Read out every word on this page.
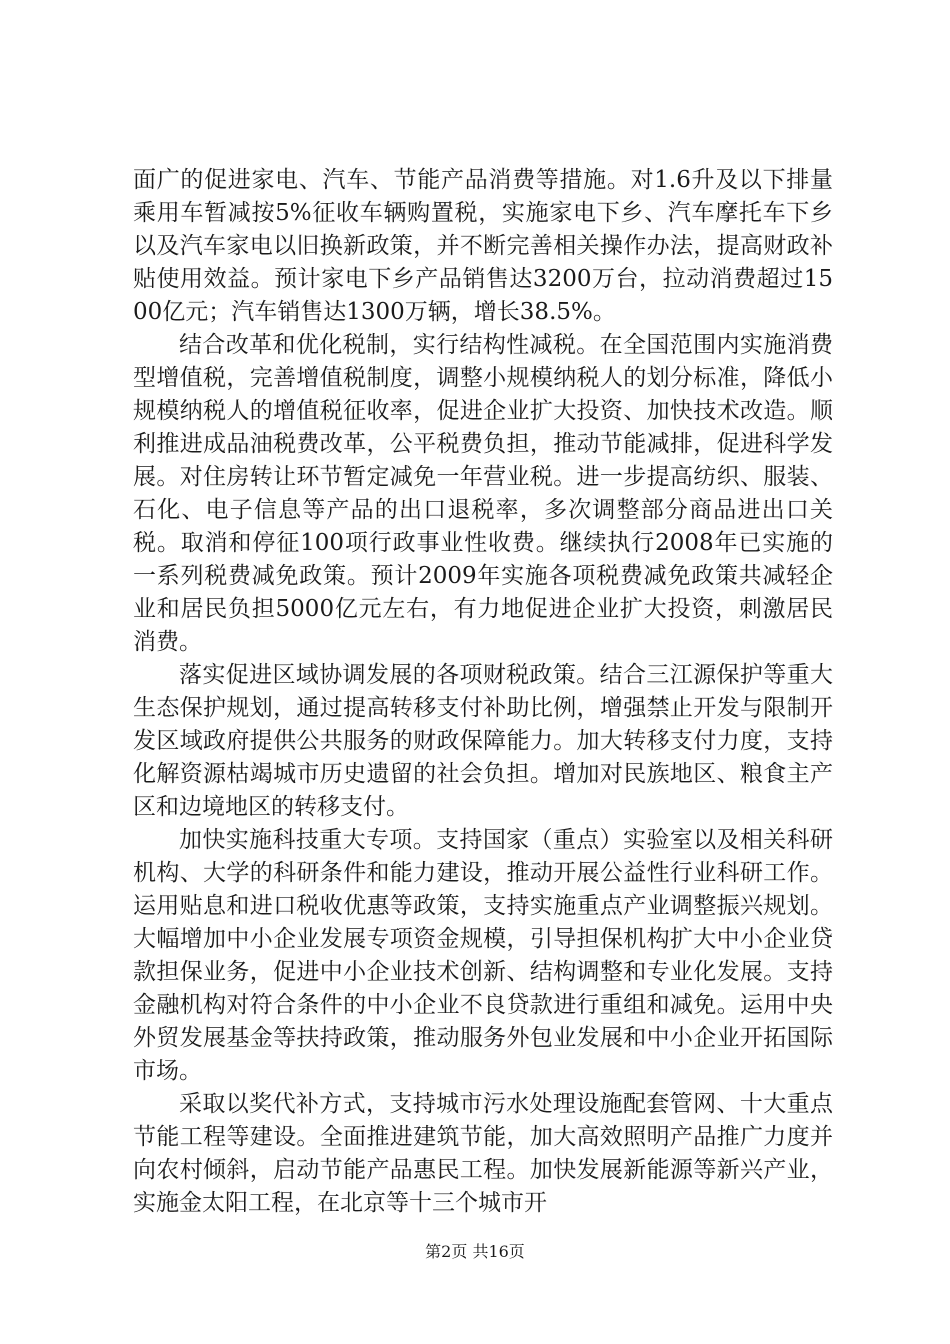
面广的促进家电、汽车、节能产品消费等措施。对1.6升及以下排量乘用车暂减按5%征收车辆购置税，实施家电下乡、汽车摩托车下乡以及汽车家电以旧换新政策，并不断完善相关操作办法，提高财政补贴使用效益。预计家电下乡产品销售达3200万台，拉动消费超过1500亿元；汽车销售达1300万辆，增长38.5%。

结合改革和优化税制，实行结构性减税。在全国范围内实施消费型增值税，完善增值税制度，调整小规模纳税人的划分标准，降低小规模纳税人的增值税征收率，促进企业扩大投资、加快技术改造。顺利推进成品油税费改革，公平税费负担，推动节能减排，促进科学发展。对住房转让环节暂定减免一年营业税。进一步提高纺织、服装、石化、电子信息等产品的出口退税率，多次调整部分商品进出口关税。取消和停征100项行政事业性收费。继续执行2008年已实施的一系列税费减免政策。预计2009年实施各项税费减免政策共减轻企业和居民负担5000亿元左右，有力地促进企业扩大投资，刺激居民消费。

落实促进区域协调发展的各项财税政策。结合三江源保护等重大生态保护规划，通过提高转移支付补助比例，增强禁止开发与限制开发区域政府提供公共服务的财政保障能力。加大转移支付力度，支持化解资源枯竭城市历史遗留的社会负担。增加对民族地区、粮食主产区和边境地区的转移支付。

加快实施科技重大专项。支持国家（重点）实验室以及相关科研机构、大学的科研条件和能力建设，推动开展公益性行业科研工作。运用贴息和进口税收优惠等政策，支持实施重点产业调整振兴规划。大幅增加中小企业发展专项资金规模，引导担保机构扩大中小企业贷款担保业务，促进中小企业技术创新、结构调整和专业化发展。支持金融机构对符合条件的中小企业不良贷款进行重组和减免。运用中央外贸发展基金等扶持政策，推动服务外包业发展和中小企业开拓国际市场。

采取以奖代补方式，支持城市污水处理设施配套管网、十大重点节能工程等建设。全面推进建筑节能，加大高效照明产品推广力度并向农村倾斜，启动节能产品惠民工程。加快发展新能源等新兴产业，实施金太阳工程，在北京等十三个城市开

第2页 共16页
